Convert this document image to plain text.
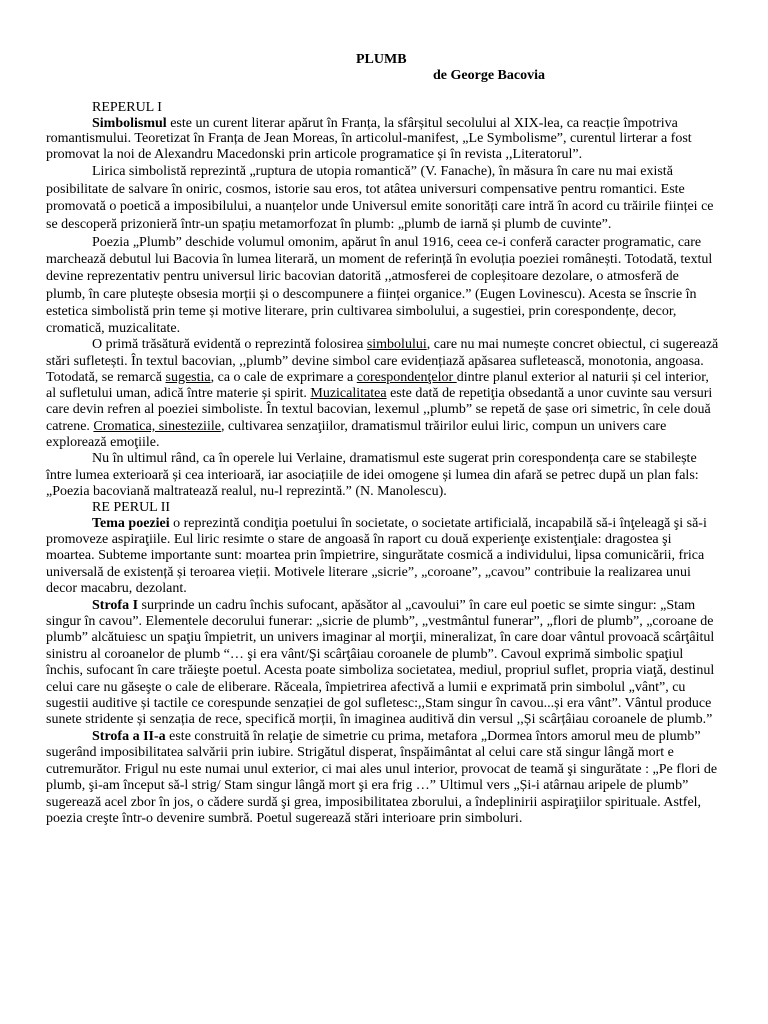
PLUMB
de George Bacovia

REPERUL I

Simbolismul este un curent literar apărut în Franța, la sfârșitul secolului al XIX-lea, ca reacție împotriva romantismului. Teoretizat în Franța de Jean Moreas, în articolul-manifest, „Le Symbolisme”, curentul lirterar a fost promovat la noi de Alexandru Macedonski prin articole programatice și în revista ,,Literatorul”.

Lirica simbolistă reprezintă „ruptura de utopia romantică” (V. Fanache), în măsura în care nu mai există posibilitate de salvare în oniric, cosmos, istorie sau eros, tot atâtea universuri compensative pentru romantici. Este promovată o poetică a imposibilului, a nuanțelor unde Universul emite sonorități care intră în acord cu trăirile ființei ce se descoperă prizonieră într-un spațiu metamorfozat în plumb: „plumb de iarnă și plumb de cuvinte”.

Poezia „Plumb” deschide volumul omonim, apărut în anul 1916, ceea ce-i conferă caracter programatic, care marchează debutul lui Bacovia în lumea literară, un moment de referință în evoluția poeziei românești. Totodată, textul devine reprezentativ pentru universul liric bacovian datorită ,,atmosferei de copleșitoare dezolare, o atmosferă de plumb, în care plutește obsesia morții și o descompunere a ființei organice.” (Eugen Lovinescu). Acesta se înscrie în estetica simbolistă prin teme și motive literare, prin cultivarea simbolului, a sugestiei, prin corespondențe, decor, cromatică, muzicalitate.

O primă trăsătură evidentă o reprezintă folosirea simbolului, care nu mai numește concret obiectul, ci sugerează stări sufletești. În textul bacovian, ,,plumb” devine simbol care evidențiază apăsarea sufletească, monotonia, angoasa. Totodată, se remarcă sugestia, ca o cale de exprimare a corespondenţelor dintre planul exterior al naturii și cel interior, al sufletului uman, adică între materie și spirit. Muzicalitatea este dată de repetiţia obsedantă a unor cuvinte sau versuri care devin refren al poeziei simboliste. În textul bacovian, lexemul ,,plumb” se repetă de șase ori simetric, în cele două catrene. Cromatica, sinesteziile, cultivarea senzaţiilor, dramatismul trăirilor eului liric, compun un univers care explorează emoţiile.

Nu în ultimul rând, ca în operele lui Verlaine, dramatismul este sugerat prin corespondența care se stabilește între lumea exterioară și cea interioară, iar asociațiile de idei omogene și lumea din afară se petrec după un plan fals: „Poezia bacoviană maltratează realul, nu-l reprezintă.” (N. Manolescu).

RE PERUL II

Tema poeziei o reprezintă condiţia poetului în societate, o societate artificială, incapabilă să-i înţeleagă şi să-i promoveze aspiraţiile. Eul liric resimte o stare de angoasă în raport cu două experienţe existenţiale: dragostea şi moartea. Subteme importante sunt: moartea prin împietrire, singurătate cosmică a individului, lipsa comunicării, frica universală de existență și teroarea vieții. Motivele literare „sicrie”, „coroane”, „cavou” contribuie la realizarea unui decor macabru, dezolant.

Strofa I surprinde un cadru închis sufocant, apăsător al „cavoului” în care eul poetic se simte singur: „Stam singur în cavou”. Elementele decorului funerar: „sicrie de plumb”, „vestmântul funerar”, „flori de plumb”, „coroane de plumb” alcătuiesc un spaţiu împietrit, un univers imaginar al morţii, mineralizat, în care doar vântul provoacă scârţâitul sinistru al coroanelor de plumb “… şi era vânt/Şi scârţâiau coroanele de plumb”. Cavoul exprimă simbolic spaţiul închis, sufocant în care trăieşte poetul. Acesta poate simboliza societatea, mediul, propriul suflet, propria viaţă, destinul celui care nu găseşte o cale de eliberare. Răceala, împietrirea afectivă a lumii e exprimată prin simbolul „vânt”, cu sugestii auditive și tactile ce corespunde senzației de gol sufletesc:,,Stam singur în cavou...și era vânt”. Vântul produce sunete stridente și senzația de rece, specifică morții, în imaginea auditivă din versul ,,Și scârțâiau coroanele de plumb.”

Strofa a II-a este construită în relaţie de simetrie cu prima, metafora „Dormea întors amorul meu de plumb” sugerând imposibilitatea salvării prin iubire. Strigătul disperat, înspăimântat al celui care stă singur lângă mort e cutremurător. Frigul nu este numai unul exterior, ci mai ales unul interior, provocat de teamă şi singurătate : „Pe flori de plumb, şi-am început să-l strig/ Stam singur lângă mort şi era frig …” Ultimul vers „Și-i atârnau aripele de plumb” sugerează acel zbor în jos, o cădere surdă şi grea, imposibilitatea zborului, a îndeplinirii aspiraţiilor spirituale. Astfel, poezia creşte într-o devenire sumbră. Poetul sugerează stări interioare prin simboluri.
